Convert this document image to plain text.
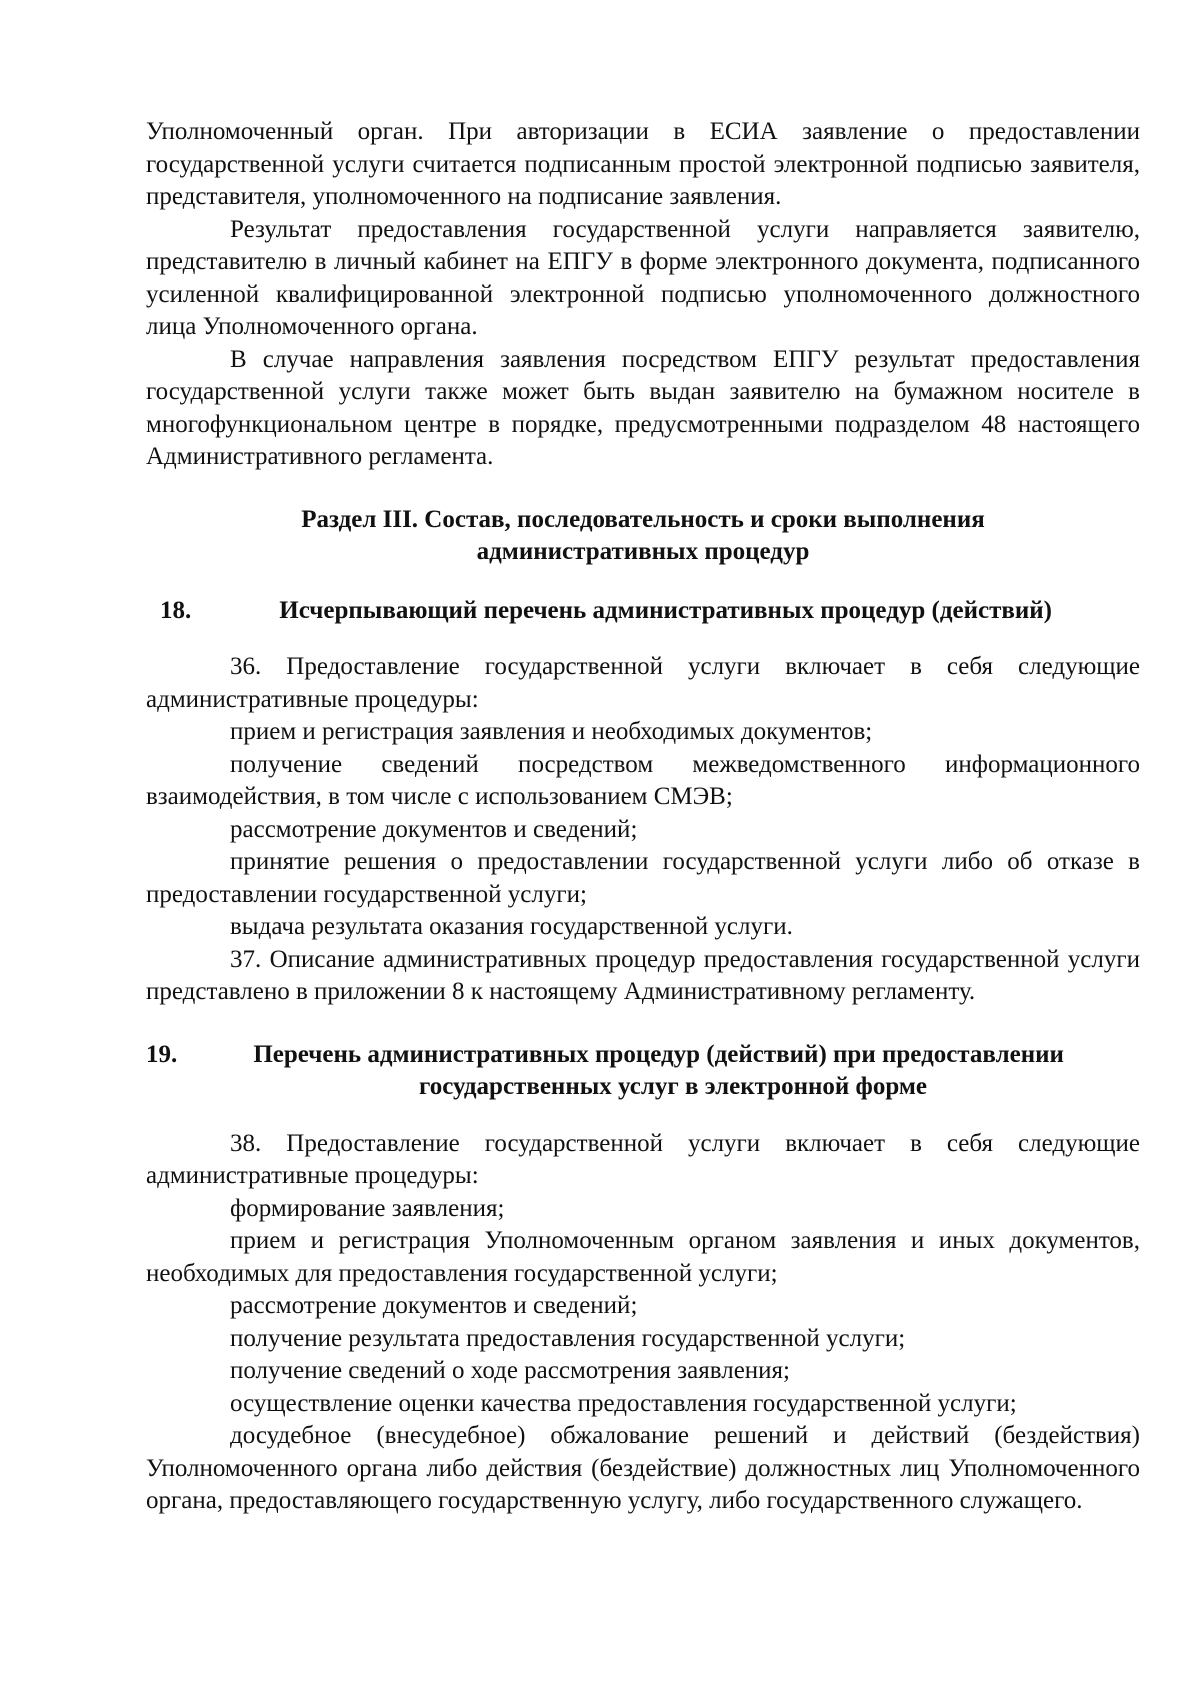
Уполномоченный орган. При авторизации в ЕСИА заявление о предоставлении государственной услуги считается подписанным простой электронной подписью заявителя, представителя, уполномоченного на подписание заявления.

Результат предоставления государственной услуги направляется заявителю, представителю в личный кабинет на ЕПГУ в форме электронного документа, подписанного усиленной квалифицированной электронной подписью уполномоченного должностного лица Уполномоченного органа.

В случае направления заявления посредством ЕПГУ результат предоставления государственной услуги также может быть выдан заявителю на бумажном носителе в многофункциональном центре в порядке, предусмотренными подразделом 48 настоящего Административного регламента.

Раздел III. Состав, последовательность и сроки выполнения

административных процедур

18.	Исчерпывающий перечень административных процедур (действий)

36. Предоставление государственной услуги включает в себя следующие административные процедуры:

прием и регистрация заявления и необходимых документов;

получение сведений посредством межведомственного информационного взаимодействия, в том числе с использованием СМЭВ;

рассмотрение документов и сведений;

принятие решения о предоставлении государственной услуги либо об отказе в предоставлении государственной услуги;

выдача результата оказания государственной услуги.

37. Описание административных процедур предоставления государственной услуги представлено в приложении 8 к настоящему Административному регламенту.

19.	Перечень административных процедур (действий) при предоставлении

государственных услуг в электронной форме

38. Предоставление государственной услуги включает в себя следующие административные процедуры:

формирование заявления;

прием и регистрация Уполномоченным органом заявления и иных документов, необходимых для предоставления государственной услуги;

рассмотрение документов и сведений;

получение результата предоставления государственной услуги;

получение сведений о ходе рассмотрения заявления;

осуществление оценки качества предоставления государственной услуги;

досудебное (внесудебное) обжалование решений и действий (бездействия) Уполномоченного органа либо действия (бездействие) должностных лиц Уполномоченного органа, предоставляющего государственную услугу, либо государственного служащего.
